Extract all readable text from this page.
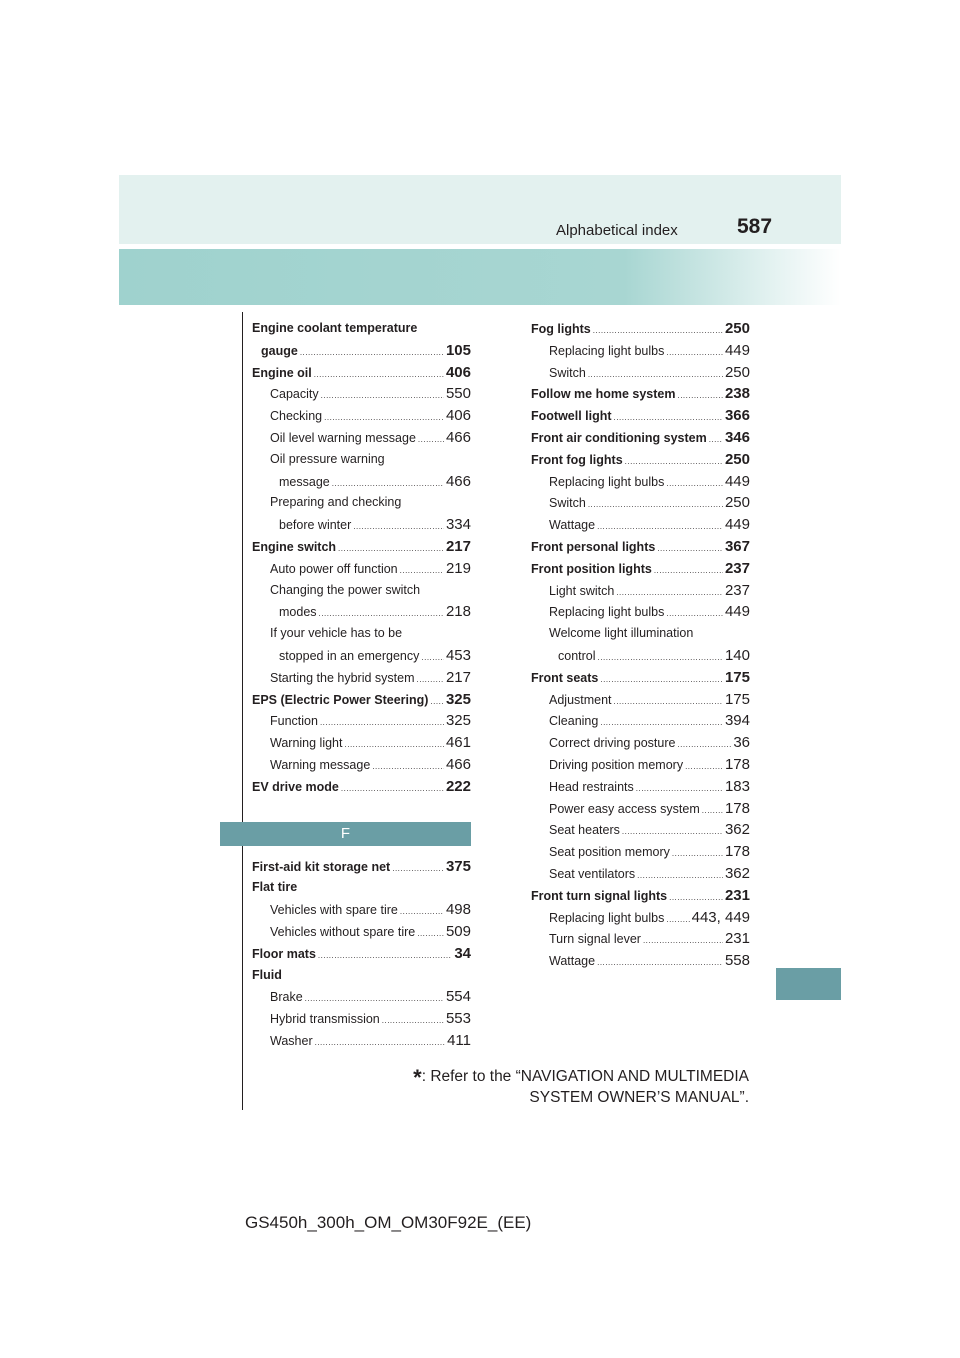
Alphabetical index	587
Engine coolant temperature
gauge .....	105
Engine oil .....	406
Capacity .....	550
Checking .....	406
Oil level warning message ..... 466
Oil pressure warning
message .....	466
Preparing and checking
before winter .....	334
Engine switch .....	217
Auto power off function .....	219
Changing the power switch
modes .....	218
If your vehicle has to be
stopped in an emergency ..... 453
Starting the hybrid system ..... 217
EPS (Electric Power Steering) ..... 325
Function .....	325
Warning light .....	461
Warning message .....	466
EV drive mode .....	222
F
First-aid kit storage net .....	375
Flat tire
Vehicles with spare tire .....	498
Vehicles without spare tire ..... 509
Floor mats .....	34
Fluid
Brake .....	554
Hybrid transmission .....	553
Washer .....	411
Fog lights .....	250
Replacing light bulbs .....	449
Switch .....	250
Follow me home system .....	238
Footwell light .....	366
Front air conditioning system ..... 346
Front fog lights .....	250
Replacing light bulbs .....	449
Switch .....	250
Wattage .....	449
Front personal lights .....	367
Front position lights .....	237
Light switch .....	237
Replacing light bulbs .....	449
Welcome light illumination
control .....	140
Front seats .....	175
Adjustment .....	175
Cleaning .....	394
Correct driving posture .....	36
Driving position memory .....	178
Head restraints .....	183
Power easy access system ..... 178
Seat heaters .....	362
Seat position memory .....	178
Seat ventilators .....	362
Front turn signal lights .....	231
Replacing light bulbs ..... 443, 449
Turn signal lever .....	231
Wattage .....	558
*: Refer to the “NAVIGATION AND MULTIMEDIA
SYSTEM OWNER’S MANUAL”.
GS450h_300h_OM_OM30F92E_(EE)
